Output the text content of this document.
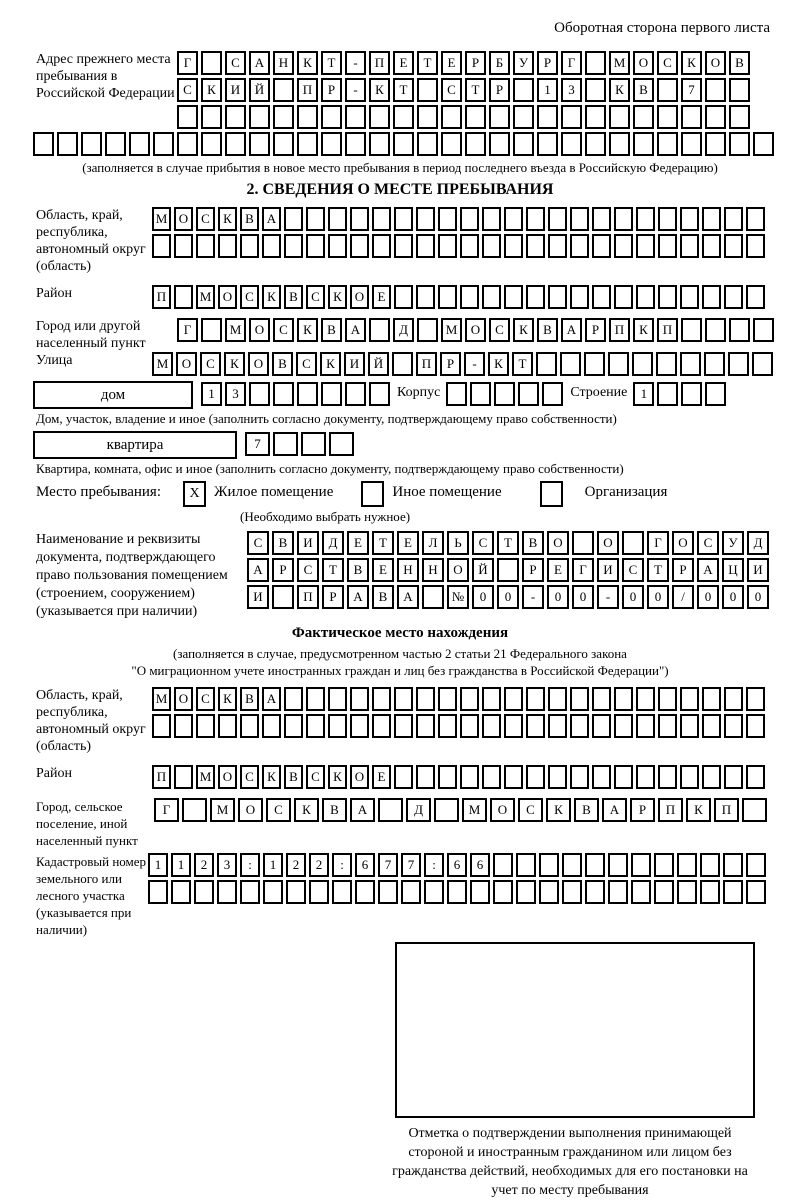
Оборотная сторона первого листа
Адрес прежнего места пребывания в Российской Федерации
Г	С	А	Н	К	Т	-	П	Е	Т	Е	Р	Б	У	Р	Г	М	О	С	К	О	В
С	К	И	Й	П	Р	-	К	Т	С	Т	Р	1	3	К	В	7
(заполняется в случае прибытия в новое место пребывания в период последнего въезда в Российскую Федерацию)
2. СВЕДЕНИЯ О МЕСТЕ ПРЕБЫВАНИЯ
Область, край, республика, автономный округ (область)
М О С	К	В А
Район	П	М О С	К	В	С	К О	Е
Город или другой населенный пункт
Г	М	О	С	К	В	А	Д	М	О	С	К	В	А	Р	П	К	П
Улица	М	О	С	К	О	В	С	К	И	Й	П	Р	-	К	Т
дом	1	3	Корпус	Строение	1
Дом, участок, владение и иное (заполнить согласно документу, подтверждающему право собственности)
квартира	7
Квартира, комната, офис и иное (заполнить согласно документу, подтверждающему право собственности)
Место пребывания:	X Жилое помещение	Иное помещение	Организация
(Необходимо выбрать нужное)
Наименование и реквизиты документа, подтверждающего право пользования помещением (строением, сооружением) (указывается при наличии)
С	В	И	Д	Е	Т	Е	Л	Ь	С	Т	В	О	О	Г	О	С	У	Д
А	Р	С	Т	В	Е	Н	Н	О	Й	Р	Е	Г	И	С	Т	Р	А	Ц	И
И	П	Р	А	В	А	№	0	0	-	0	0	-	0	0	/	0	0	0
Фактическое место нахождения
(заполняется в случае, предусмотренном частью 2 статьи 21 Федерального закона
"О миграционном учете иностранных граждан и лиц без гражданства в Российской Федерации")
Область, край, республика, автономный округ (область)
М О С	К	В А
Район	П	М О С	К	В	С	К О	Е
Город, сельское поселение, иной населенный пункт
Г	М	О	С	К	В	А	Д	М	О	С	К	В	А	Р	П	К	П
Кадастровый номер земельного или лесного участка (указывается при наличии)
1	1	2	3	:	1	2	2	:	6	7	7	:	6	6
Отметка о подтверждении выполнения принимающей стороной и иностранным гражданином или лицом без гражданства действий, необходимых для его постановки на учет по месту пребывания
